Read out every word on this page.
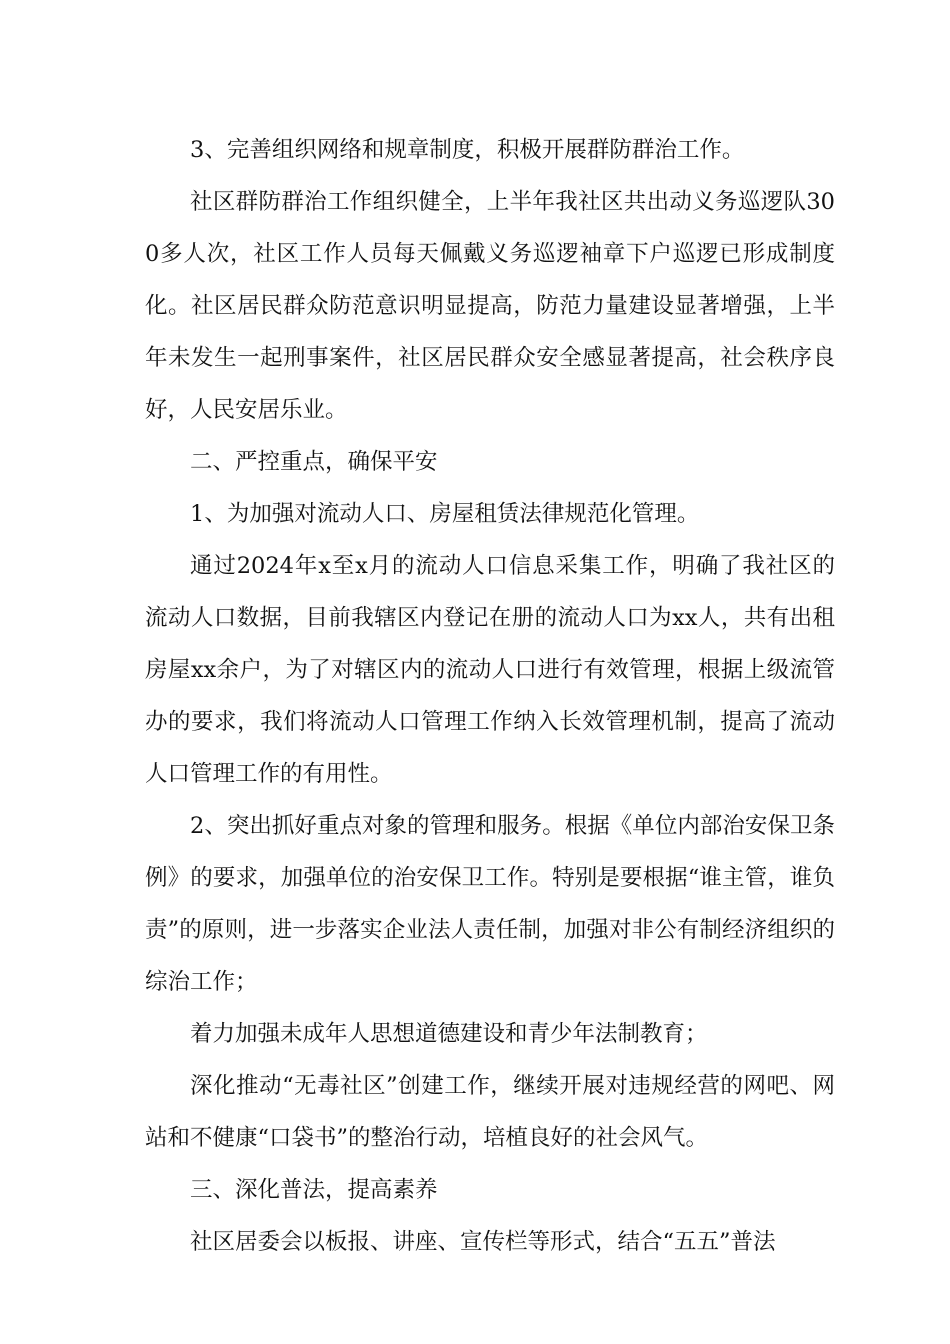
3、完善组织网络和规章制度，积极开展群防群治工作。

社区群防群治工作组织健全，上半年我社区共出动义务巡逻队300多人次，社区工作人员每天佩戴义务巡逻袖章下户巡逻已形成制度化。社区居民群众防范意识明显提高，防范力量建设显著增强，上半年未发生一起刑事案件，社区居民群众安全感显著提高，社会秩序良好，人民安居乐业。

二、严控重点，确保平安

1、为加强对流动人口、房屋租赁法律规范化管理。

通过2024年x至x月的流动人口信息采集工作，明确了我社区的流动人口数据，目前我辖区内登记在册的流动人口为xx人，共有出租房屋xx余户，为了对辖区内的流动人口进行有效管理，根据上级流管办的要求，我们将流动人口管理工作纳入长效管理机制，提高了流动人口管理工作的有用性。

2、突出抓好重点对象的管理和服务。根据《单位内部治安保卫条例》的要求，加强单位的治安保卫工作。特别是要根据“谁主管，谁负责”的原则，进一步落实企业法人责任制，加强对非公有制经济组织的综治工作；

着力加强未成年人思想道德建设和青少年法制教育；

深化推动“无毒社区”创建工作，继续开展对违规经营的网吧、网站和不健康“口袋书”的整治行动，培植良好的社会风气。

三、深化普法，提高素养

社区居委会以板报、讲座、宣传栏等形式，结合“五五”普法
